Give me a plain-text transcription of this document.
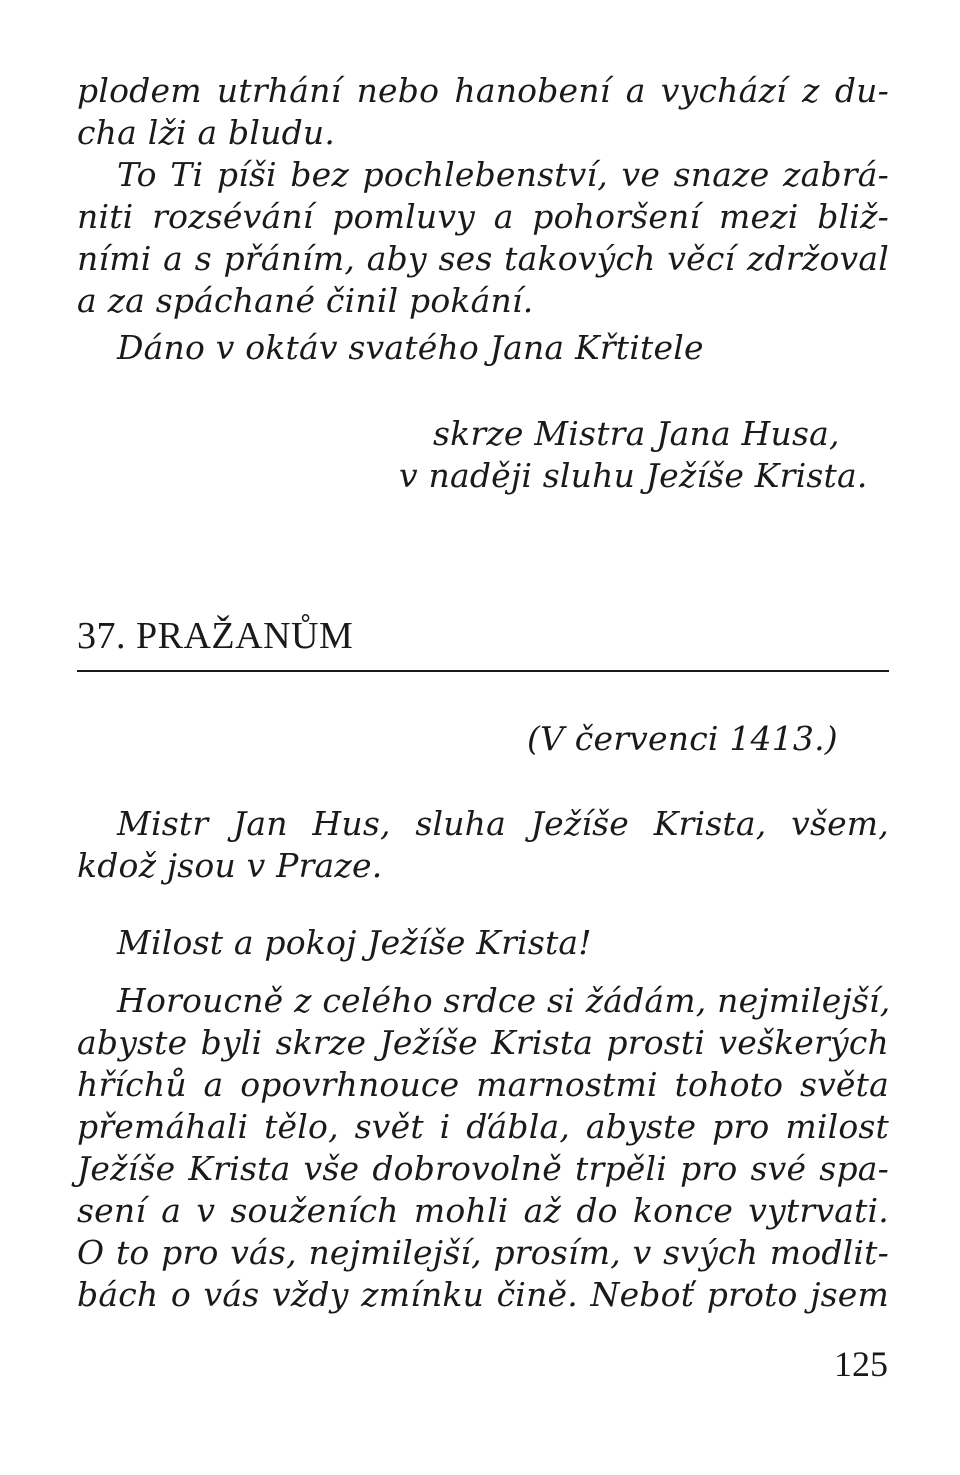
plodem utrhání nebo hanobení a vychází z du-
cha lži a bludu.
To Ti píši bez pochlebenství, ve snaze zabrá-
niti rozsévání pomluvy a pohoršení mezi bliž-
ními a s přáním, aby ses takových věcí zdržoval
a za spáchané činil pokání.
Dáno v oktáv svatého Jana Křtitele
skrze Mistra Jana Husa,
v naději sluhu Ježíše Krista.
37. PRAŽANŮM
(V červenci 1413.)
Mistr Jan Hus, sluha Ježíše Krista, všem,
kdož jsou v Praze.
Milost a pokoj Ježíše Krista!
Horoucně z celého srdce si žádám, nejmilejší,
abyste byli skrze Ježíše Krista prosti veškerých
hříchů a opovrhnouce marnostmi tohoto světa
přemáhali tělo, svět i ďábla, abyste pro milost
Ježíše Krista vše dobrovolně trpěli pro své spa-
sení a v souženích mohli až do konce vytrvati.
O to pro vás, nejmilejší, prosím, v svých modlit-
bách o vás vždy zmínku čině. Neboť proto jsem
125
